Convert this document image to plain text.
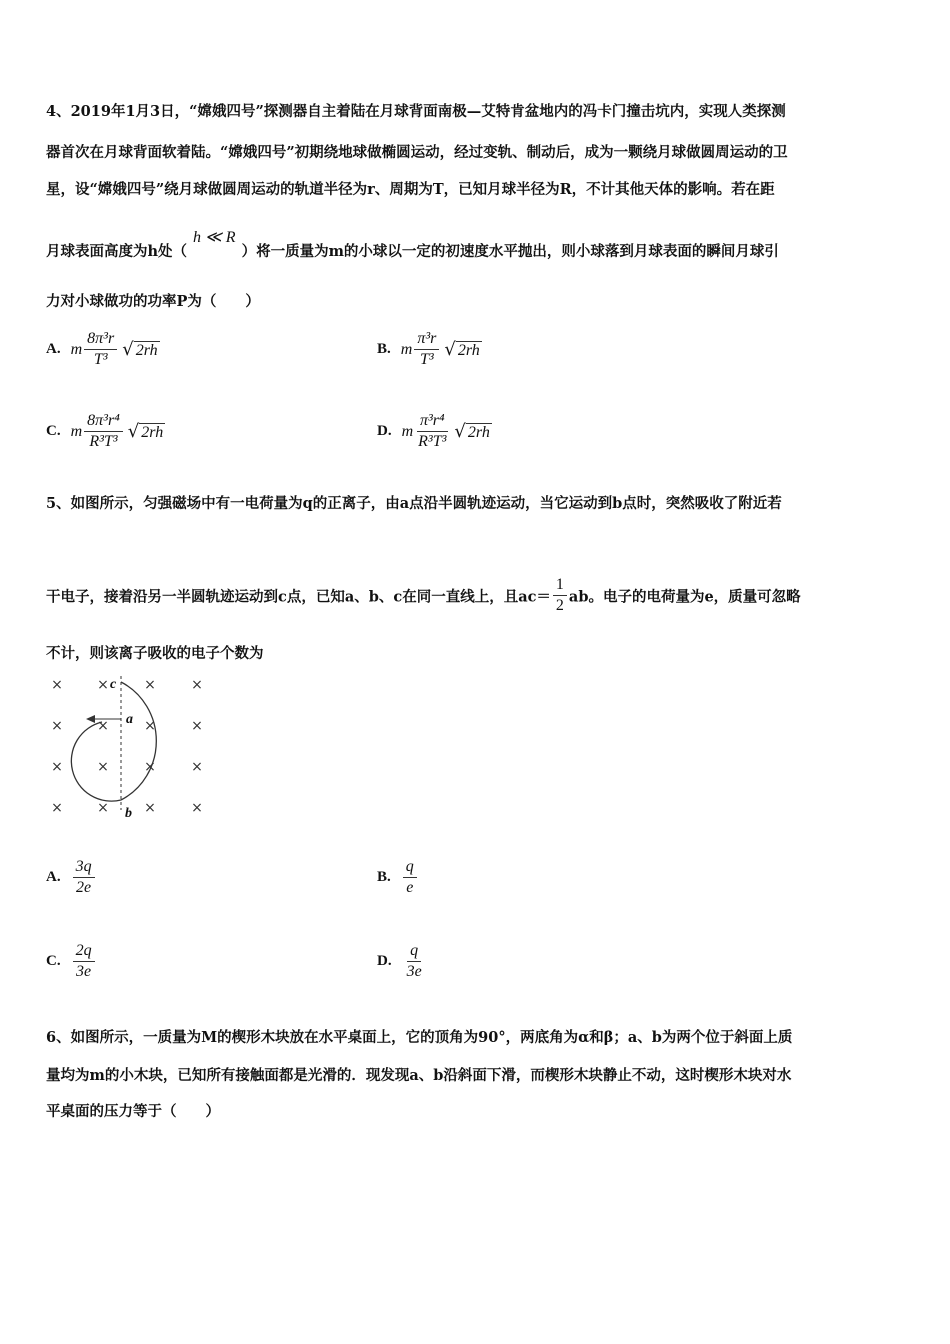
4、2019年1月3日，“嫦娥四号”探测器自主着陆在月球背面南极—艾特肯盆地内的冯卡门撞击坑内，实现人类探测
器首次在月球背面软着陆。“嫦娥四号”初期绕地球做椭圆运动，经过变轨、制动后，成为一颗绕月球做圆周运动的卫
星，设“嫦娥四号”绕月球做圆周运动的轨道半径为r、周期为T，已知月球半径为R，不计其他天体的影响。若在距
月球表面高度为h处（h ≪ R）将一质量为m的小球以一定的初速度水平抛出，则小球落到月球表面的瞬间月球引
力对小球做功的功率P为（　　）
A. m $\frac{\text{8π³r}}{\text{T³}}$ √ 2rh	B. m $\frac{\text{π³r}}{\text{T³}}$ √ 2rh
C. m $\frac{\text{8π³r⁴}}{\text{R³T³}}$ √ 2rh	D. m $\frac{\text{π³r⁴}}{\text{R³T³}}$ √ 2rh
5、如图所示，匀强磁场中有一电荷量为q的正离子，由a点沿半圆轨迹运动，当它运动到b点时，突然吸收了附近若
干电子，接着沿另一半圆轨迹运动到c点，已知a、b、c在同一直线上，且$ac= \frac{1}{2}$ ab。电子的电荷量为e，质量可忽略
不计，则该离子吸收的电子个数为
× ×	×	×
× ×	×	×
× ×	×	×
× ×	×	×
a
b
c
A. $\frac{3q}{2e}$	B. $\frac{q}{e}$
C. $\frac{2q}{3e}$	D. $\frac{q}{3e}$
6、如图所示，一质量为M的楔形木块放在水平桌面上，它的顶角为90°，两底角为α和β；a、b为两个位于斜面上质
量均为m的小木块，已知所有接触面都是光滑的．现发现a、b沿斜面下滑，而楔形木块静止不动，这时楔形木块对水
平桌面的压力等于（　　）
